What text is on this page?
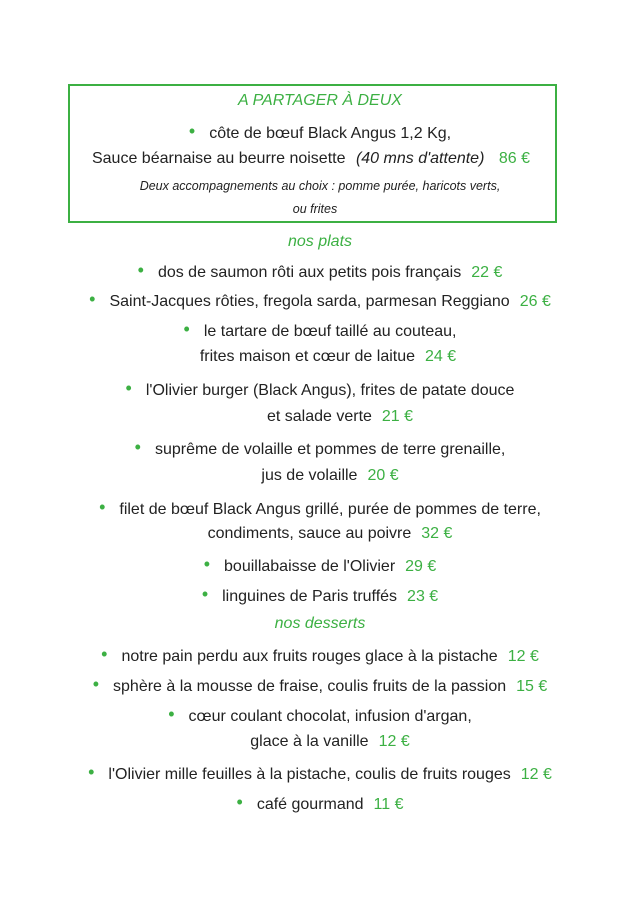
A PARTAGER À DEUX
• côte de bœuf Black Angus 1,2 Kg,
Sauce béarnaise au beurre noisette (40 mns d'attente) 86 €
Deux accompagnements au choix : pomme purée, haricots verts,
ou frites
nos plats
• dos de saumon rôti aux petits pois français 22 €
• Saint-Jacques rôties, fregola sarda, parmesan Reggiano 26 €
• le tartare de bœuf taillé au couteau,
frites maison et cœur de laitue 24 €
• l'Olivier burger (Black Angus), frites de patate douce
et salade verte 21 €
• suprême de volaille et pommes de terre grenaille,
jus de volaille 20 €
• filet de bœuf Black Angus grillé, purée de pommes de terre,
condiments, sauce au poivre 32 €
• bouillabaisse de l'Olivier 29 €
• linguines de Paris truffés 23 €
nos desserts
• notre pain perdu aux fruits rouges glace à la pistache 12 €
• sphère à la mousse de fraise, coulis fruits de la passion 15 €
• cœur coulant chocolat, infusion d'argan,
glace à la vanille 12 €
• l'Olivier mille feuilles à la pistache, coulis de fruits rouges 12 €
• café gourmand 11 €
